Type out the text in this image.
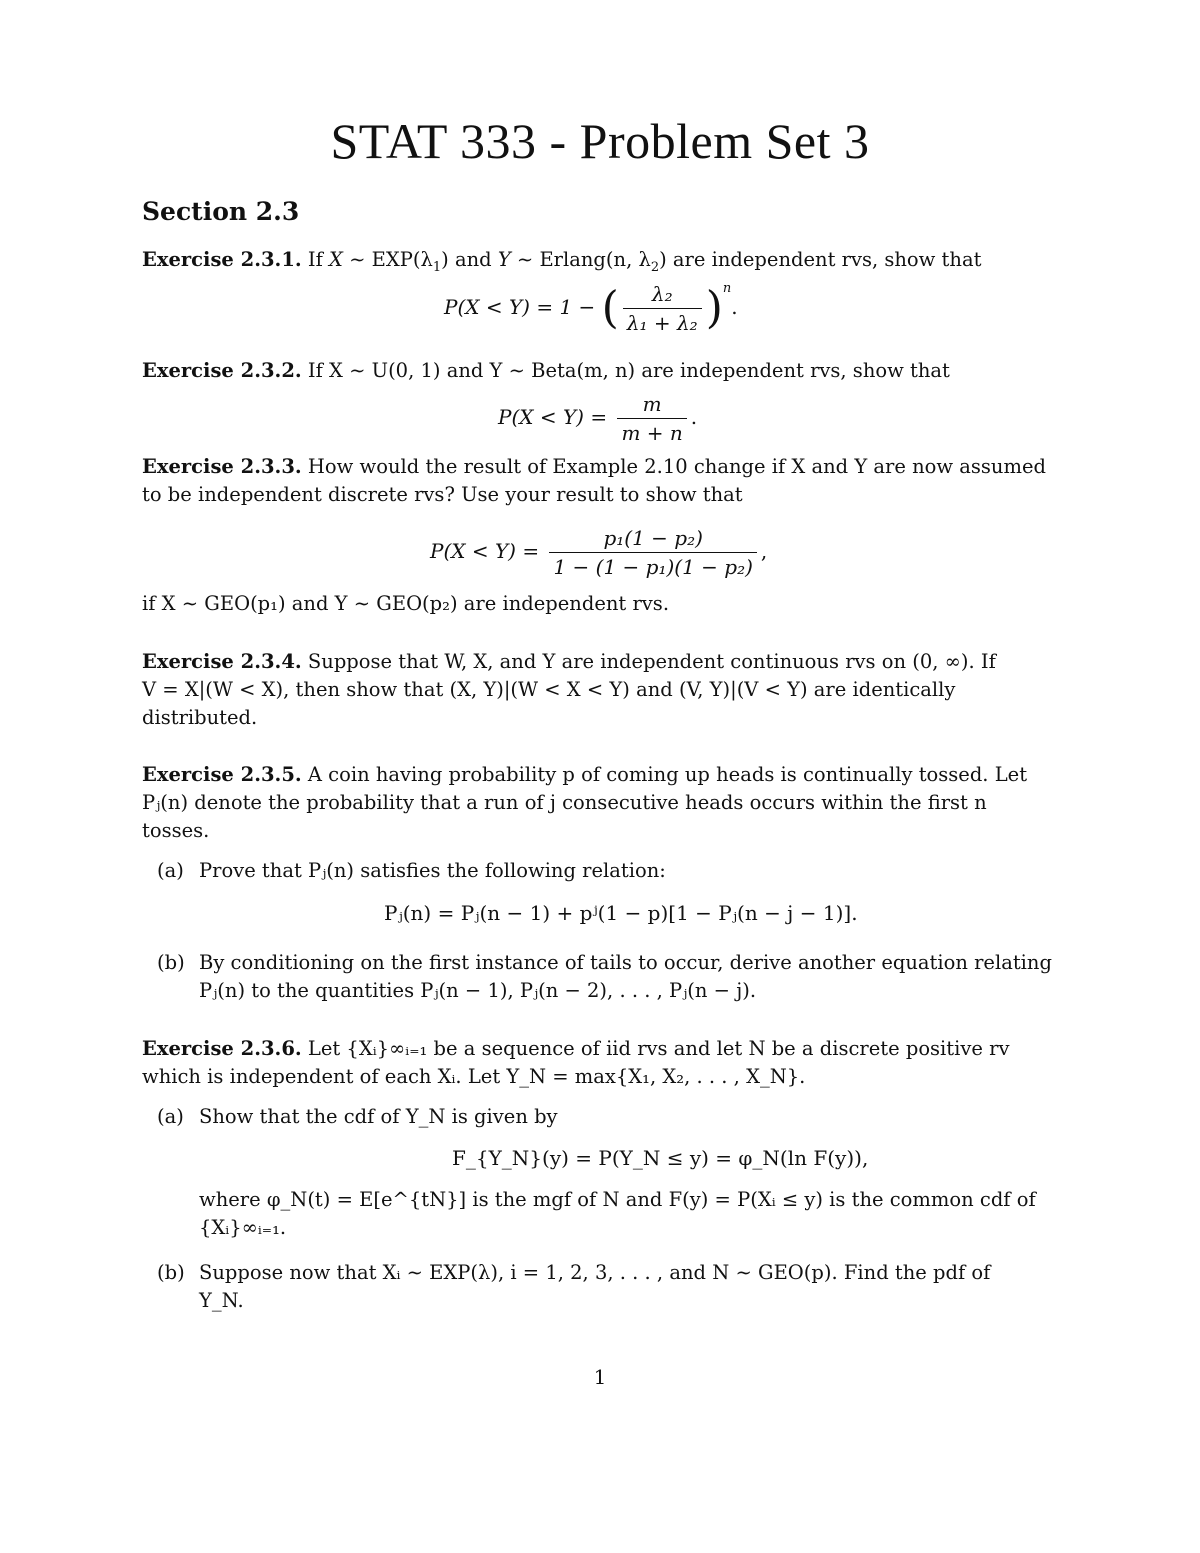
STAT 333 - Problem Set 3
Section 2.3
Exercise 2.3.1. If X ∼ $EXP(\lambda_1)$ and Y ∼ Erlang(n, $\lambda_2$) are independent rvs, show that
P(X < Y) = 1 − ( $\frac{\text{λ₂}}{\text{λ₁ + λ₂}} )^n$.
Exercise 2.3.2. If X ∼ U(0, 1) and Y ∼ Beta(m, n) are independent rvs, show that
$P(X < Y) = \frac{m}{m + n}$ .
Exercise 2.3.3. How would the result of Example 2.10 change if X and Y are now assumed
to be independent discrete rvs? Use your result to show that
$P(X < Y) = \frac{\text{p₁(1 − p₂)}}{\text{1 − (1 − p₁)(1 − p₂)}}$ ,
if X ∼ GEO(p₁) and Y ∼ GEO(p₂) are independent rvs.
Exercise 2.3.4. Suppose that W, X, and Y are independent continuous rvs on (0, ∞). If
V = X|(W < X), then show that (X, Y)|(W < X < Y) and (V, Y)|(V < Y) are identically
distributed.
Exercise 2.3.5. A coin having probability p of coming up heads is continually tossed. Let
Pⱼ(n) denote the probability that a run of j consecutive heads occurs within the first n
tosses.
(a) Prove that Pⱼ(n) satisfies the following relation:
Pⱼ(n) = Pⱼ(n − 1) + pʲ(1 − p)[1 − Pⱼ(n − j − 1)].
(b) By conditioning on the first instance of tails to occur, derive another equation relating
Pⱼ(n) to the quantities Pⱼ(n − 1), Pⱼ(n − 2), . . . , Pⱼ(n − j).
Exercise 2.3.6. Let {Xᵢ}∞ᵢ₌₁ be a sequence of iid rvs and let N be a discrete positive rv
which is independent of each Xᵢ. Let Y_N = max{X₁, X₂, . . . , X_N}.
(a) Show that the cdf of Y_N is given by
F_{Y_N}(y) = P(Y_N ≤ y) = φ_N(ln F(y)),
where φ_N(t) = E[e^{tN}] is the mgf of N and F(y) = P(Xᵢ ≤ y) is the common cdf of
{Xᵢ}∞ᵢ₌₁.
(b) Suppose now that Xᵢ ∼ EXP(λ), i = 1, 2, 3, . . . , and N ∼ GEO(p). Find the pdf of
Y_N.
1
